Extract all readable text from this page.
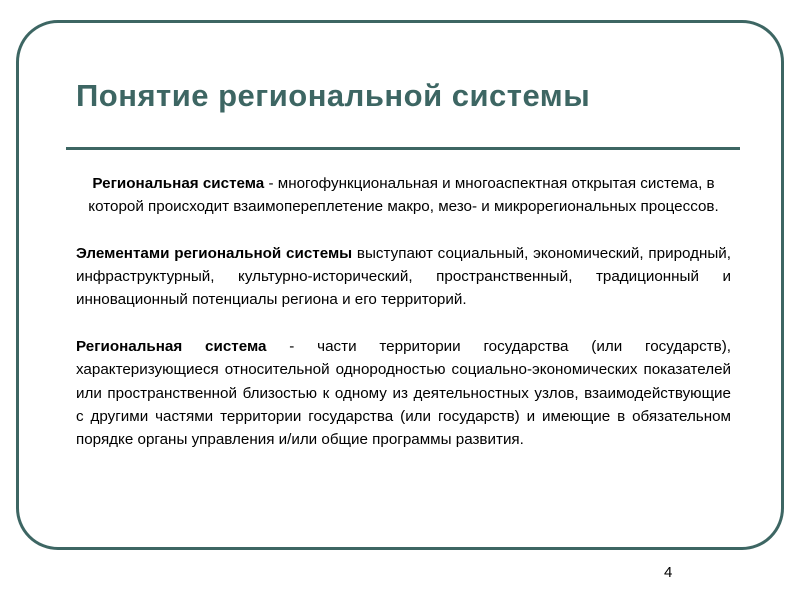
Понятие региональной системы

Региональная система - многофункциональная и многоаспектная открытая система, в которой происходит взаимопереплетение макро, мезо- и микрорегиональных процессов.

Элементами региональной системы выступают социальный, экономический, природный, инфраструктурный, культурно-исторический, пространственный, традиционный и инновационный потенциалы региона и его территорий.

Региональная система - части территории государства (или государств), характеризующиеся относительной однородностью социально-экономических показателей или пространственной близостью к одному из деятельностных узлов, взаимодействующие с другими частями территории государства (или государств) и имеющие в обязательном порядке органы управления и/или общие программы развития.

4
